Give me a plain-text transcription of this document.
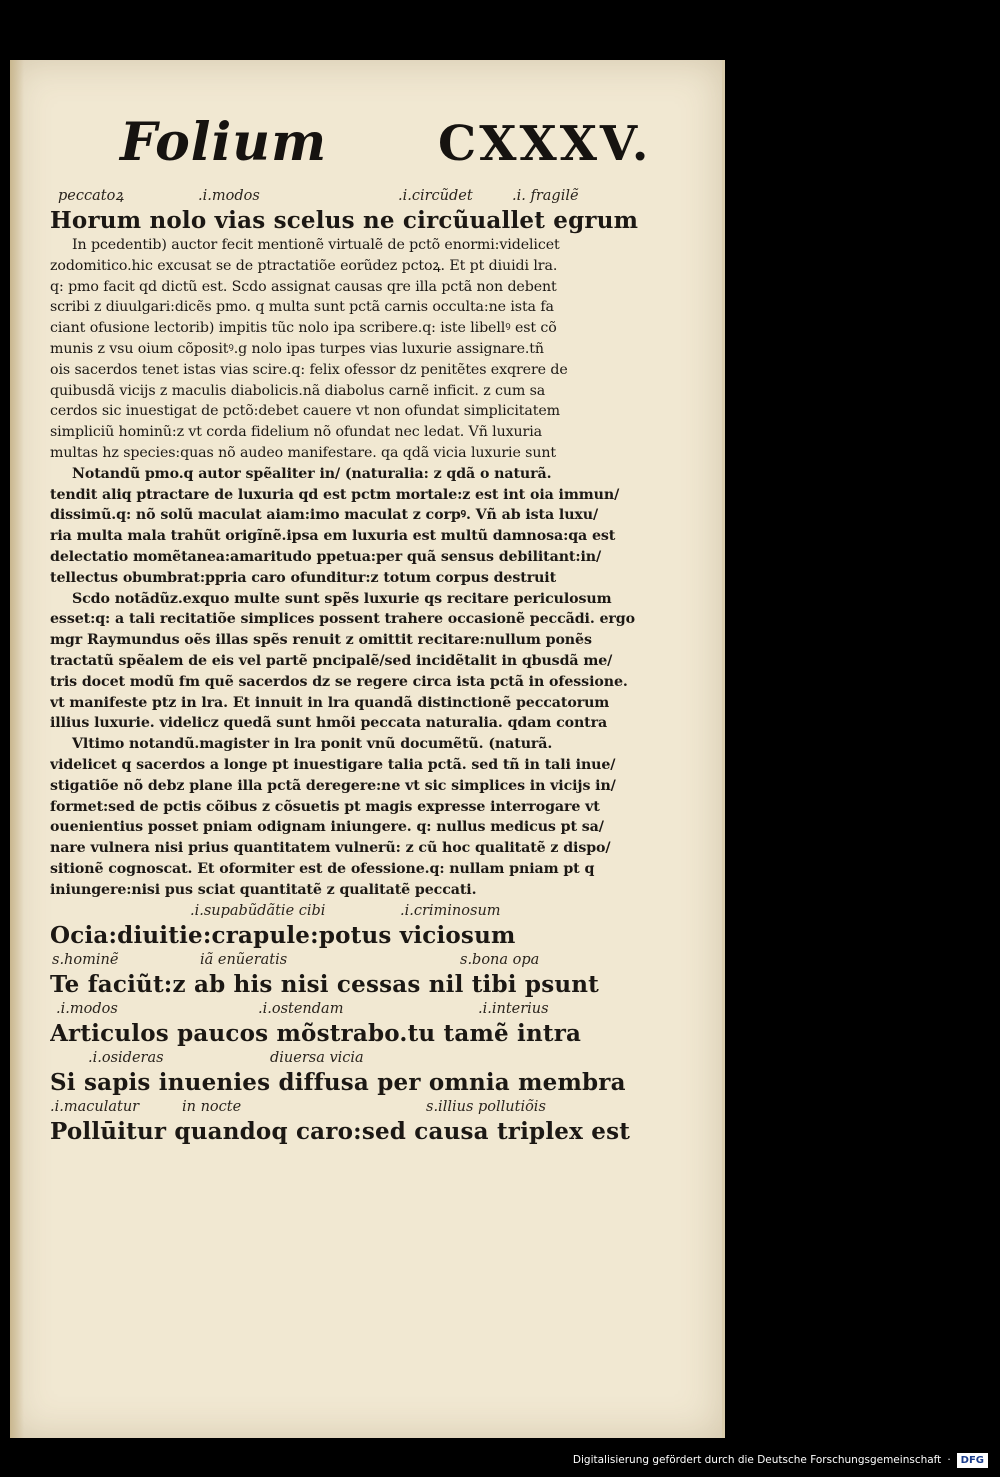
Folium CXXXV.
peccatoꝝ	.i.modos	.i.circũdet	.i. fragilẽ
Horum nolo vias scelus ne circũuallet egrum
In pcedentib) auctor fecit mentionẽ virtualẽ de pctõ enormi:videlicet
zodomitico.hic excusat se de ptractatiõe eorũdez pctoꝝ. Et pt diuidi lra.
q: pmo facit qd dictũ est. Scdo assignat causas qre illa pctã non debent
scribi z diuulgari:dicẽs pmo. q multa sunt pctã carnis occulta:ne ista fa
ciant ofusione lectorib) impitis tũc nolo ipa scribere.q: iste libellꝰ est cõ
munis z vsu oium cõpositꝰ.g nolo ipas turpes vias luxurie assignare.tñ
ois sacerdos tenet istas vias scire.q: felix ofessor dz penitẽtes exqrere de
quibusdã vicijs z maculis diabolicis.nã diabolus carnẽ inficit. z cum sa
cerdos sic inuestigat de pctõ:debet cauere vt non ofundat simplicitatem
simpliciũ hominũ:z vt corda fidelium nõ ofundat nec ledat. Vñ luxuria
multas hz species:quas nõ audeo manifestare. qa qdã vicia luxurie sunt
Notandũ pmo.q autor spẽaliter in/ (naturalia: z qdã o naturã.
tendit aliq ptractare de luxuria qd est pctm mortale:z est int oia immun/
dissimũ.q: nõ solũ maculat aiam:imo maculat z corpꝰ. Vñ ab ista luxu/
ria multa mala trahũt origĩnẽ.ipsa em luxuria est multũ damnosa:qa est
delectatio momẽtanea:amaritudo ppetua:per quã sensus debilitant:in/
tellectus obumbrat:ppria caro ofunditur:z totum corpus destruit
Scdo notãdũz.exquo multe sunt spẽs luxurie qs recitare periculosum
esset:q: a tali recitatiõe simplices possent trahere occasionẽ peccãdi. ergo
mgr Raymundus oẽs illas spẽs renuit z omittit recitare:nullum ponẽs
tractatũ spẽalem de eis vel partẽ pncipalẽ/sed incidẽtalit in qbusdã me/
tris docet modũ fm quẽ sacerdos dz se regere circa ista pctã in ofessione.
vt manifeste ptz in lra. Et innuit in lra quandã distinctionẽ peccatorum
illius luxurie. videlicz quedã sunt hmõi peccata naturalia. qdam contra
Vltimo notandũ.magister in lra ponit vnũ documẽtũ. (naturã.
videlicet q sacerdos a longe pt inuestigare talia pctã. sed tñ in tali inue/
stigatiõe nõ debz plane illa pctã deregere:ne vt sic simplices in vicijs in/
formet:sed de pctis cõibus z cõsuetis pt magis expresse interrogare vt
ouenientius posset pniam odignam iniungere. q: nullus medicus pt sa/
nare vulnera nisi prius quantitatem vulnerũ: z cũ hoc qualitatẽ z dispo/
sitionẽ cognoscat. Et oformiter est de ofessione.q: nullam pniam pt q
iniungere:nisi pus sciat quantitatẽ z qualitatẽ peccati.
.i.supabũdãtie cibi	.i.criminosum
Ocia:diuitie:crapule:potus viciosum
s.hominẽ	iã enũeratis	s.bona opa
Te faciũt:z ab his nisi cessas nil tibi psunt
.i.modos	.i.ostendam	.i.interius
Articulos paucos mõstrabo.tu tamẽ intra
.i.osideras	diuersa vicia
Si sapis inuenies diffusa per omnia membra
.i.maculatur	in nocte	s.illius pollutiõis
Pollūitur quandoq caro:sed causa triplex est
Digitalisierung gefördert durch die Deutsche Forschungsgemeinschaft ·	DFG
